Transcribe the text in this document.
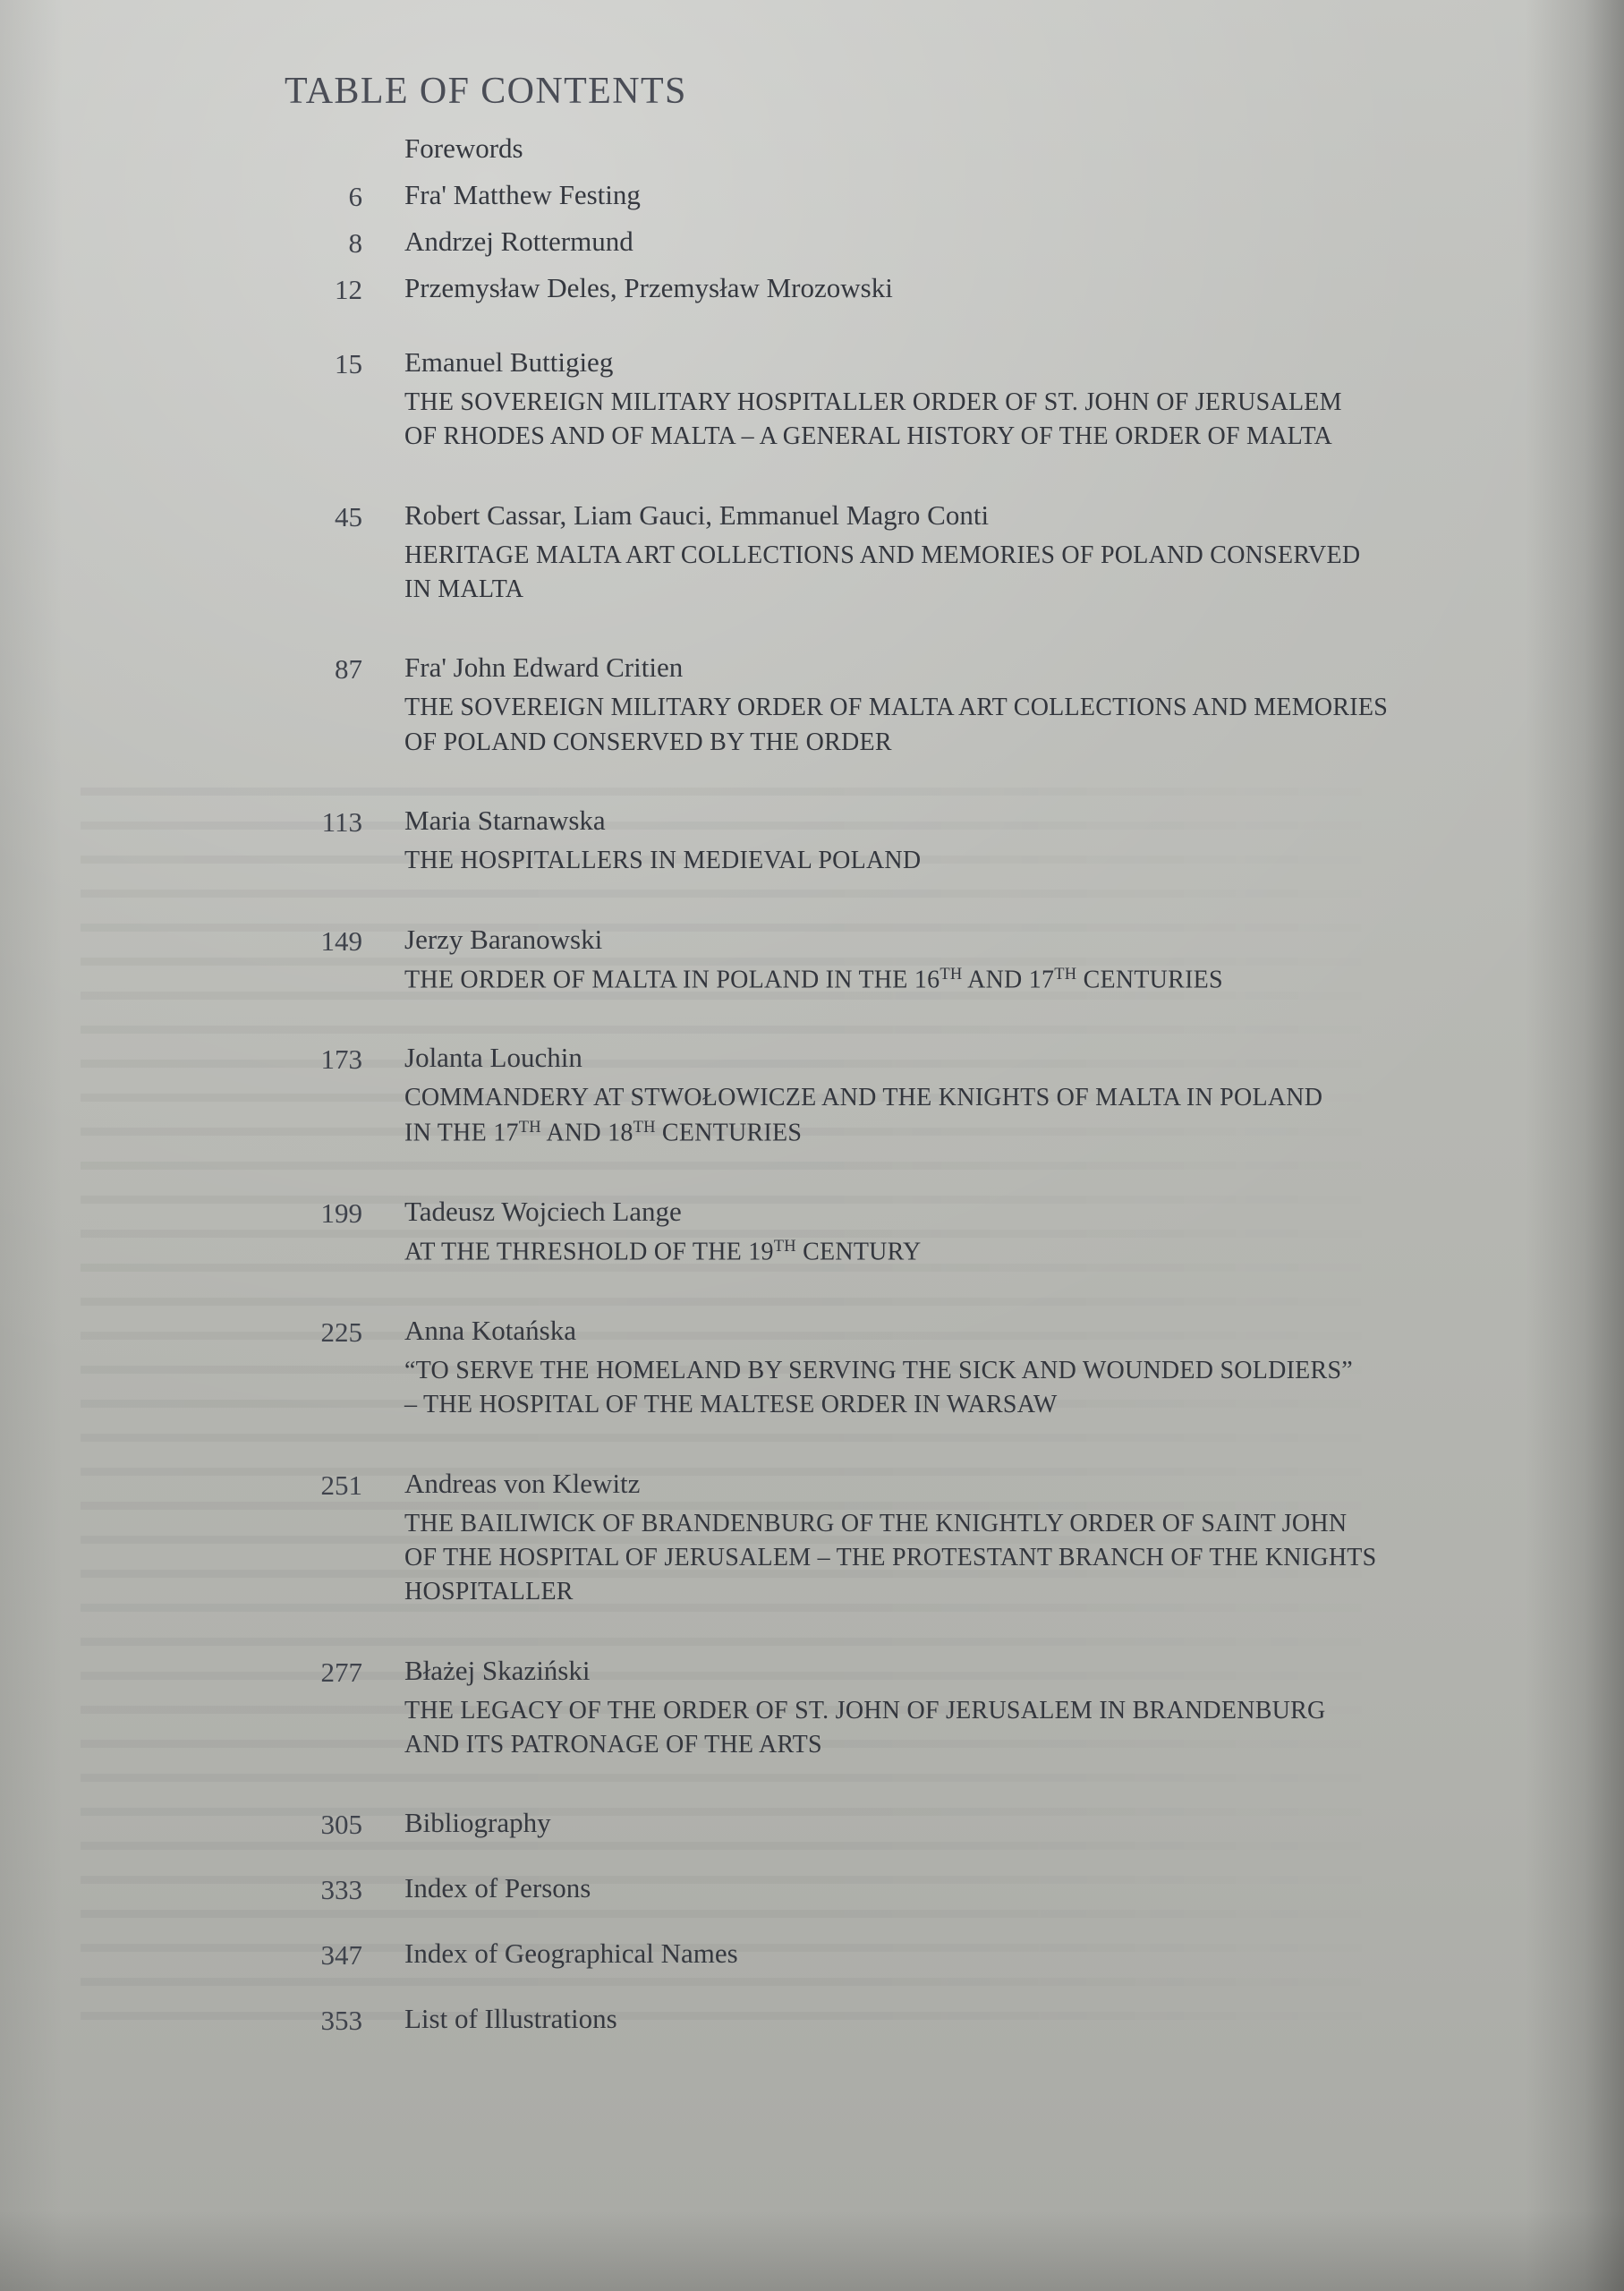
TABLE OF CONTENTS
Forewords
6 Fra' Matthew Festing
8 Andrzej Rottermund
12 Przemysław Deles, Przemysław Mrozowski
15 Emanuel Buttigieg
THE SOVEREIGN MILITARY HOSPITALLER ORDER OF ST. JOHN OF JERUSALEM
OF RHODES AND OF MALTA – A GENERAL HISTORY OF THE ORDER OF MALTA
45 Robert Cassar, Liam Gauci, Emmanuel Magro Conti
HERITAGE MALTA ART COLLECTIONS AND MEMORIES OF POLAND CONSERVED
IN MALTA
87 Fra' John Edward Critien
THE SOVEREIGN MILITARY ORDER OF MALTA ART COLLECTIONS AND MEMORIES
OF POLAND CONSERVED BY THE ORDER
113 Maria Starnawska
THE HOSPITALLERS IN MEDIEVAL POLAND
149 Jerzy Baranowski
THE ORDER OF MALTA IN POLAND IN THE 16TH AND 17TH CENTURIES
173 Jolanta Louchin
COMMANDERY AT STWOŁOWICZE AND THE KNIGHTS OF MALTA IN POLAND
IN THE 17TH AND 18TH CENTURIES
199 Tadeusz Wojciech Lange
AT THE THRESHOLD OF THE 19TH CENTURY
225 Anna Kotańska
“TO SERVE THE HOMELAND BY SERVING THE SICK AND WOUNDED SOLDIERS”
– THE HOSPITAL OF THE MALTESE ORDER IN WARSAW
251 Andreas von Klewitz
THE BAILIWICK OF BRANDENBURG OF THE KNIGHTLY ORDER OF SAINT JOHN
OF THE HOSPITAL OF JERUSALEM – THE PROTESTANT BRANCH OF THE KNIGHTS
HOSPITALLER
277 Błażej Skaziński
THE LEGACY OF THE ORDER OF ST. JOHN OF JERUSALEM IN BRANDENBURG
AND ITS PATRONAGE OF THE ARTS
305 Bibliography
333 Index of Persons
347 Index of Geographical Names
353 List of Illustrations
